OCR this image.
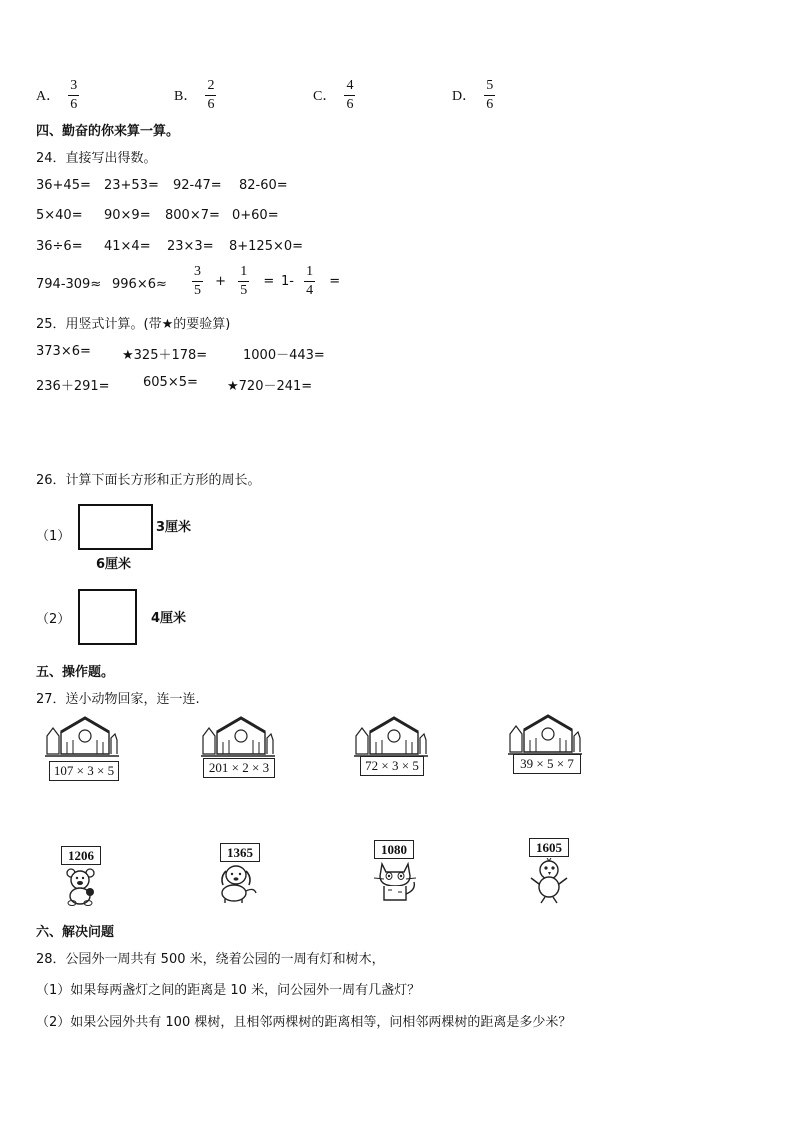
A． $\frac{3}{6}$	B． $\frac{2}{6}$	C． $\frac{4}{6}$	D． $\frac{5}{6}$
四、勤奋的你来算一算。
24．直接写出得数。
36+45= 23+53= 92-47= 82-60=
5×40= 90×9= 800×7= 0+60=
36÷6= 41×4= 23×3= 8+125×0=
$794-309\approx 996\times 6\approx \frac{3}{5} + \frac{1}{5} = 1- \frac{1}{4}$ =
25．用竖式计算。(带★的要验算)
373×6= ★325＋178=	1000－443=
236＋291=	605×5= ★720－241=
26．计算下面长方形和正方形的周长。
（1）
3厘米
6厘米
（2）	4厘米
五、操作题。
27．送小动物回家，连一连.
107 × 3 × 5	201 × 2 × 3	72 × 3 × 5	39 × 5 × 7
1206	1365	1080	1605
六、解决问题
28．公园外一周共有 500 米，绕着公园的一周有灯和树木，
（1）如果每两盏灯之间的距离是 10 米，问公园外一周有几盏灯？
（2）如果公园外共有 100 棵树，且相邻两棵树的距离相等，问相邻两棵树的距离是多少米？
